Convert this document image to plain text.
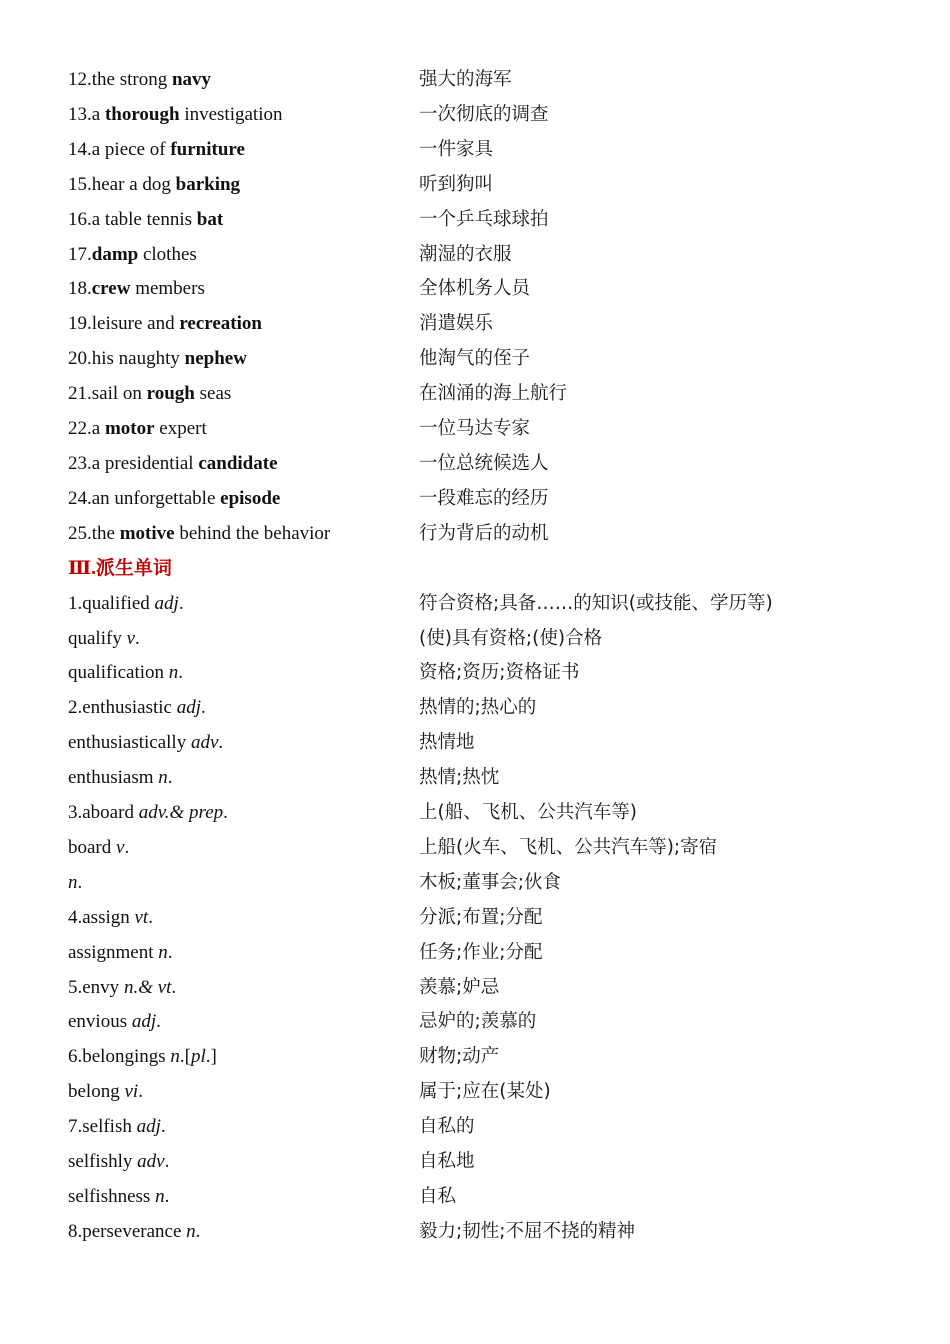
12.the strong navy	强大的海军
13.a thorough investigation	一次彻底的调查
14.a piece of furniture	一件家具
15.hear a dog barking	听到狗叫
16.a table tennis bat	一个乒乓球球拍
17.damp clothes	潮湿的衣服
18.crew members	全体机务人员
19.leisure and recreation	消遣娱乐
20.his naughty nephew	他淘气的侄子
21.sail on rough seas	在汹涌的海上航行
22.a motor expert	一位马达专家
23.a presidential candidate	一位总统候选人
24.an unforgettable episode	一段难忘的经历
25.the motive behind the behavior	行为背后的动机
Ⅲ.派生单词
1.qualified adj.	符合资格;具备……的知识(或技能、学历等)
qualify v.	(使)具有资格;(使)合格
qualification n.	资格;资历;资格证书
2.enthusiastic adj.	热情的;热心的
enthusiastically adv.	热情地
enthusiasm n.	热情;热忱
3.aboard adv.& prep.	上(船、飞机、公共汽车等)
board v.	上船(火车、飞机、公共汽车等);寄宿
n.	木板;董事会;伙食
4.assign vt.	分派;布置;分配
assignment n.	任务;作业;分配
5.envy n.& vt.	羡慕;妒忌
envious adj.	忌妒的;羡慕的
6.belongings n.[pl.]	财物;动产
belong vi.	属于;应在(某处)
7.selfish adj.	自私的
selfishly adv.	自私地
selfishness n.	自私
8.perseverance n.	毅力;韧性;不屈不挠的精神
